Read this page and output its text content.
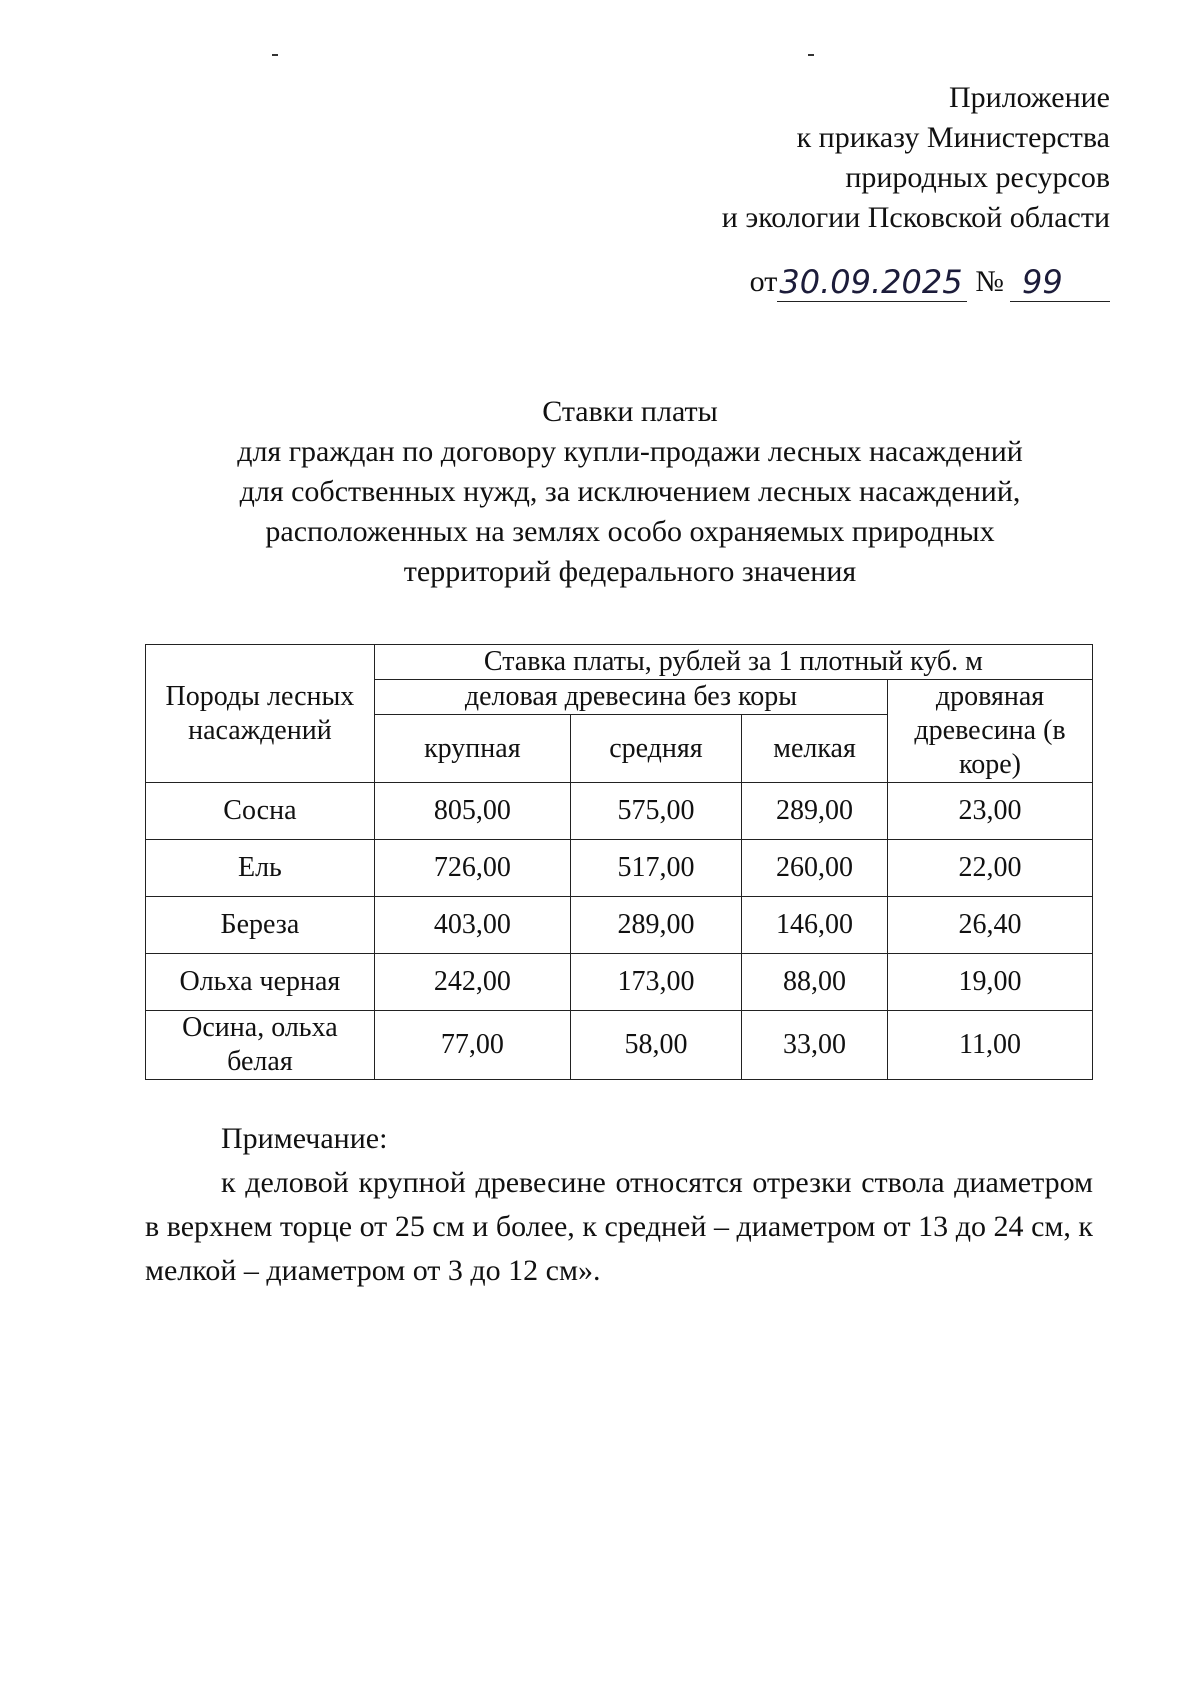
Приложение
к приказу Министерства
природных ресурсов
и экологии Псковской области
от 30.09.2025 № 99
Ставки платы
для граждан по договору купли-продажи лесных насаждений
для собственных нужд, за исключением лесных насаждений,
расположенных на землях особо охраняемых природных
территорий федерального значения
Породы лесных насаждений	Ставка платы, рублей за 1 плотный куб. м			
	деловая древесина без коры			дровяная древесина (в коре)
	крупная	средняя	мелкая	
Сосна	805,00	575,00	289,00	23,00
Ель	726,00	517,00	260,00	22,00
Береза	403,00	289,00	146,00	26,40
Ольха черная	242,00	173,00	88,00	19,00
Осина, ольха белая	77,00	58,00	33,00	11,00
Примечание:
к деловой крупной древесине относятся отрезки ствола диаметром в верхнем торце от 25 см и более, к средней – диаметром от 13 до 24 см, к мелкой – диаметром от 3 до 12 см».
